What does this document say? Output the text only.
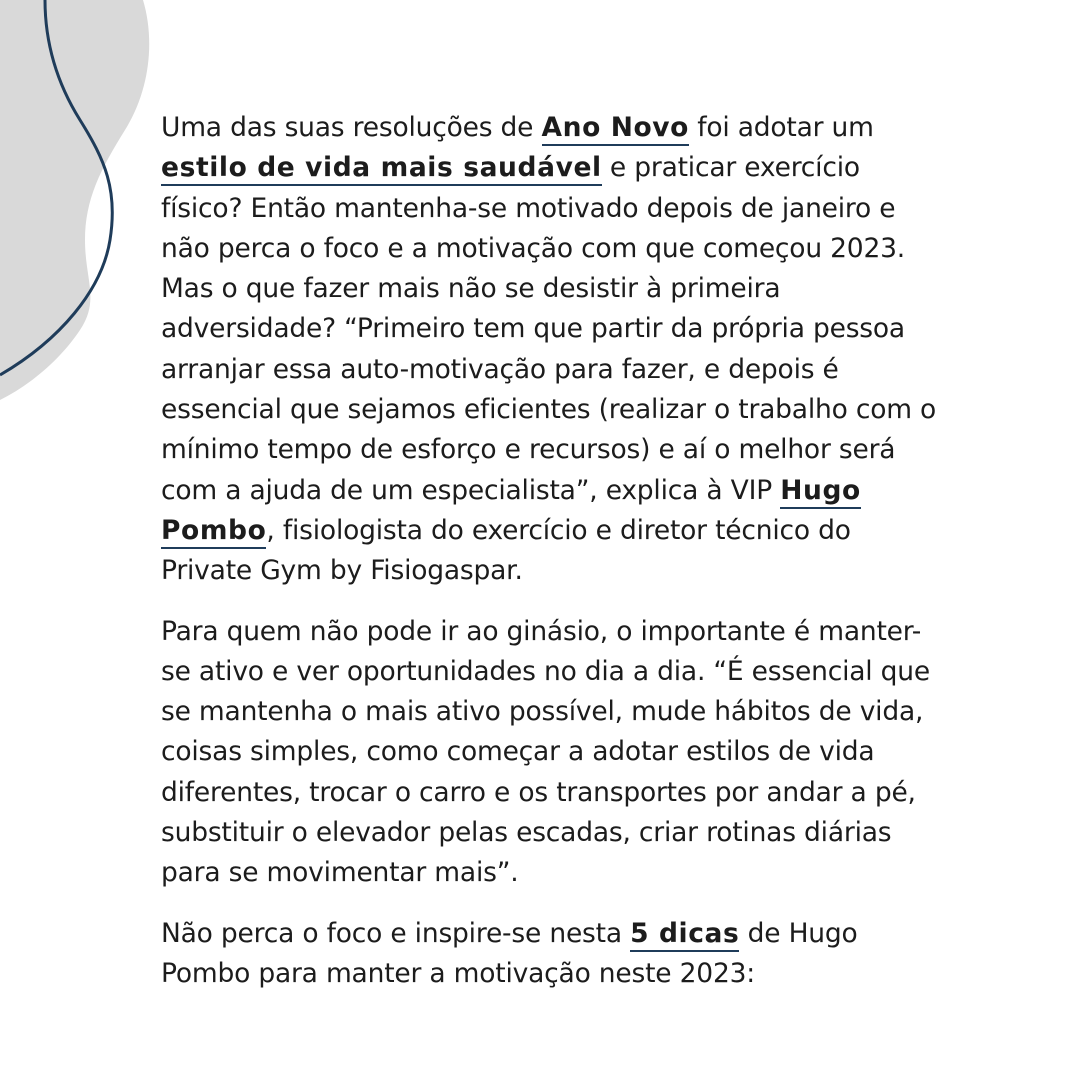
Uma das suas resoluções de Ano Novo foi adotar um estilo de vida mais saudável e praticar exercício físico? Então mantenha-se motivado depois de janeiro e não perca o foco e a motivação com que começou 2023. Mas o que fazer mais não se desistir à primeira adversidade? “Primeiro tem que partir da própria pessoa arranjar essa auto-motivação para fazer, e depois é essencial que sejamos eficientes (realizar o trabalho com o mínimo tempo de esforço e recursos) e aí o melhor será com a ajuda de um especialista”, explica à VIP Hugo Pombo, fisiologista do exercício e diretor técnico do Private Gym by Fisiogaspar.

Para quem não pode ir ao ginásio, o importante é manter-se ativo e ver oportunidades no dia a dia. “É essencial que se mantenha o mais ativo possível, mude hábitos de vida, coisas simples, como começar a adotar estilos de vida diferentes, trocar o carro e os transportes por andar a pé, substituir o elevador pelas escadas, criar rotinas diárias para se movimentar mais”.

Não perca o foco e inspire-se nesta 5 dicas de Hugo Pombo para manter a motivação neste 2023:
